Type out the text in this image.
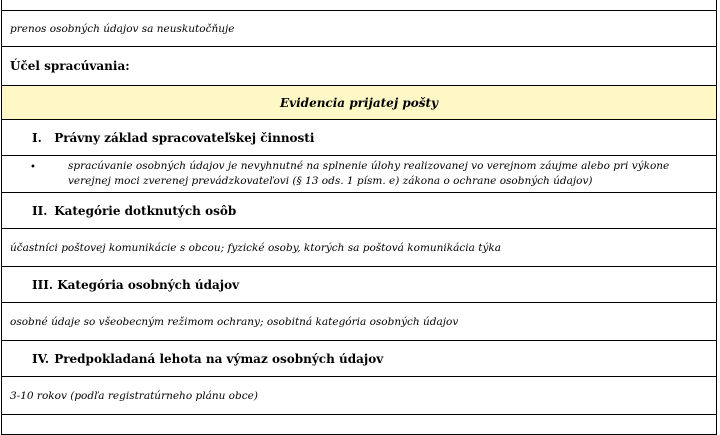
prenos osobných údajov sa neuskutočňuje
Účel spracúvania:
Evidencia prijatej pošty
I. Právny základ spracovateľskej činnosti

•	spracúvanie osobných údajov je nevyhnutné na splnenie úlohy realizovanej vo verejnom záujme alebo pri výkone verejnej moci zverenej prevádzkovateľovi (§ 13 ods. 1 písm. e) zákona o ochrane osobných údajov)

II. Kategórie dotknutých osôb
účastníci poštovej komunikácie s obcou; fyzické osoby, ktorých sa poštová komunikácia týka
III. Kategória osobných údajov
osobné údaje so všeobecným režimom ochrany; osobitná kategória osobných údajov
IV. Predpokladaná lehota na výmaz osobných údajov
3-10 rokov (podľa registratúrneho plánu obce)
